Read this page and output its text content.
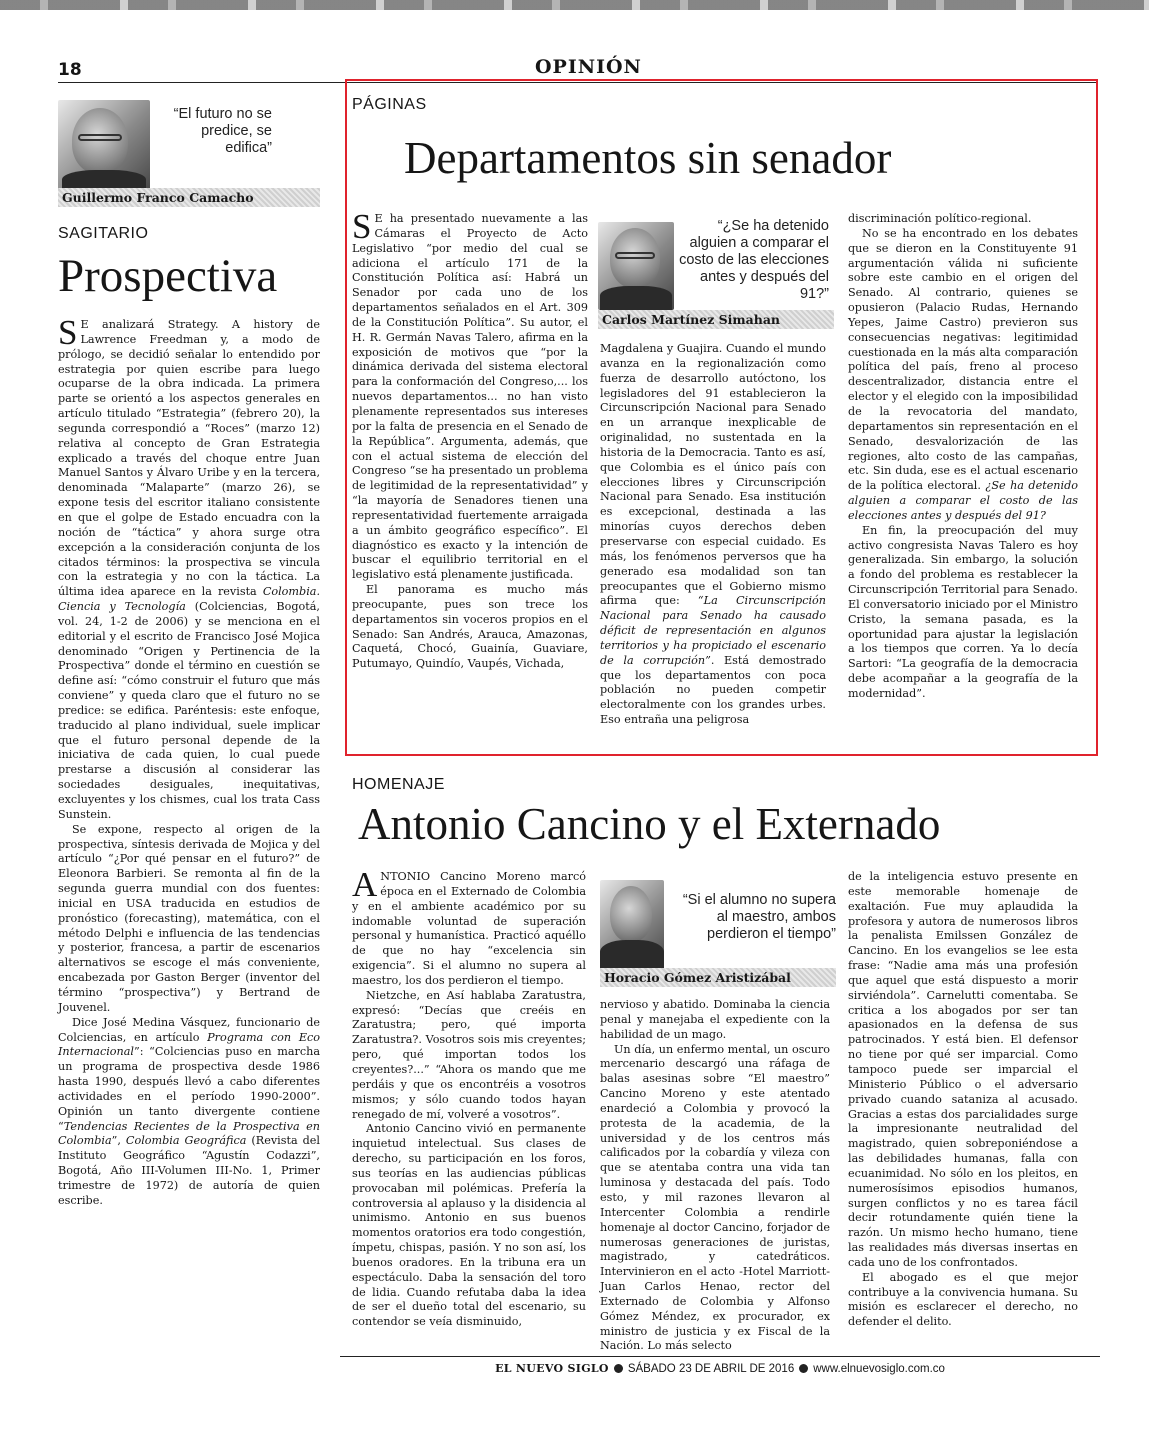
18	OPINIÓN
“El futuro no se predice, se edifica”
Guillermo Franco Camacho
SAGITARIO
Prospectiva

S E analizará Strategy. A history de Lawrence Freedman y, a modo de prólogo, se decidió señalar lo entendido por estrategia por quien escribe para luego ocuparse de la obra indicada. La primera parte se orientó a los aspectos generales en artículo titulado “Estrategia” (febrero 20), la segunda correspondió a “Roces” (marzo 12) relativa al concepto de Gran Estrategia explicado a través del choque entre Juan Manuel Santos y Álvaro Uribe y en la tercera, denominada “Malaparte” (marzo 26), se expone tesis del escritor italiano consistente en que el golpe de Estado encuadra con la noción de “táctica” y ahora surge otra excepción a la consideración conjunta de los citados términos: la prospectiva se vincula con la estrategia y no con la táctica. La última idea aparece en la revista Colombia. Ciencia y Tecnología (Colciencias, Bogotá, vol. 24, 1-2 de 2006) y se menciona en el editorial y el escrito de Francisco José Mojica denominado “Origen y Pertinencia de la Prospectiva” donde el término en cuestión se define así: “cómo construir el futuro que más conviene” y queda claro que el futuro no se predice: se edifica. Paréntesis: este enfoque, traducido al plano individual, suele implicar que el futuro personal depende de la iniciativa de cada quien, lo cual puede prestarse a discusión al considerar las sociedades desiguales, inequitativas, excluyentes y los chismes, cual los trata Cass Sunstein.

Se expone, respecto al origen de la prospectiva, síntesis derivada de Mojica y del artículo “¿Por qué pensar en el futuro?” de Eleonora Barbieri. Se remonta al fin de la segunda guerra mundial con dos fuentes: inicial en USA traducida en estudios de pronóstico (forecasting), matemática, con el método Delphi e influencia de las tendencias y posterior, francesa, a partir de escenarios alternativos se escoge el más conveniente, encabezada por Gaston Berger (inventor del término “prospectiva”) y Bertrand de Jouvenel.

Dice José Medina Vásquez, funcionario de Colciencias, en artículo Programa con Eco Internacional”: “Colciencias puso en marcha un programa de prospectiva desde 1986 hasta 1990, después llevó a cabo diferentes actividades en el período 1990-2000”. Opinión un tanto divergente contiene “Tendencias Recientes de la Prospectiva en Colombia”, Colombia Geográfica (Revista del Instituto Geográfico “Agustín Codazzi”, Bogotá, Año III-Volumen III-No. 1, Primer trimestre de 1972) de autoría de quien escribe.

PÁGINAS
Departamentos sin senador

S E ha presentado nuevamente a las Cámaras el Proyecto de Acto Legislativo “por medio del cual se adiciona el artículo 171 de la Constitución Política así: Habrá un Senador por cada uno de los departamentos señalados en el Art. 309 de la Constitución Política”. Su autor, el H. R. Germán Navas Talero, afirma en la exposición de motivos que “por la dinámica derivada del sistema electoral para la conformación del Congreso,... los nuevos departamentos... no han visto plenamente representados sus intereses por la falta de presencia en el Senado de la República”. Argumenta, además, que con el actual sistema de elección del Congreso “se ha presentado un problema de legitimidad de la representatividad” y “la mayoría de Senadores tienen una representatividad fuertemente arraigada a un ámbito geográfico específico”. El diagnóstico es exacto y la intención de buscar el equilibrio territorial en el legislativo está plenamente justificada.

El panorama es mucho más preocupante, pues son trece los departamentos sin voceros propios en el Senado: San Andrés, Arauca, Amazonas, Caquetá, Chocó, Guainía, Guaviare, Putumayo, Quindío, Vaupés, Vichada,

“¿Se ha detenido alguien a comparar el costo de las elecciones antes y después del 91?”
Carlos Martínez Simahan

Magdalena y Guajira. Cuando el mundo avanza en la regionalización como fuerza de desarrollo autóctono, los legisladores del 91 establecieron la Circunscripción Nacional para Senado en un arranque inexplicable de originalidad, no sustentada en la historia de la Democracia. Tanto es así, que Colombia es el único país con elecciones libres y Circunscripción Nacional para Senado. Esa institución es excepcional, destinada a las minorías cuyos derechos deben preservarse con especial cuidado. Es más, los fenómenos perversos que ha generado esa modalidad son tan preocupantes que el Gobierno mismo afirma que: “La Circunscripción Nacional para Senado ha causado déficit de representación en algunos territorios y ha propiciado el escenario de la corrupción”. Está demostrado que los departamentos con poca población no pueden competir electoralmente con los grandes urbes. Eso entraña una peligrosa

discriminación político-regional.

No se ha encontrado en los debates que se dieron en la Constituyente 91 argumentación válida ni suficiente sobre este cambio en el origen del Senado. Al contrario, quienes se opusieron (Palacio Rudas, Hernando Yepes, Jaime Castro) previeron sus consecuencias negativas: legitimidad cuestionada en la más alta comparación política del país, freno al proceso descentralizador, distancia entre el elector y el elegido con la imposibilidad de la revocatoria del mandato, departamentos sin representación en el Senado, desvalorización de las regiones, alto costo de las campañas, etc. Sin duda, ese es el actual escenario de la política electoral. ¿Se ha detenido alguien a comparar el costo de las elecciones antes y después del 91?

En fin, la preocupación del muy activo congresista Navas Talero es hoy generalizada. Sin embargo, la solución a fondo del problema es restablecer la Circunscripción Territorial para Senado. El conversatorio iniciado por el Ministro Cristo, la semana pasada, es la oportunidad para ajustar la legislación a los tiempos que corren. Ya lo decía Sartori: “La geografía de la democracia debe acompañar a la geografía de la modernidad”.

HOMENAJE
Antonio Cancino y el Externado

ANTONIO Cancino Moreno marcó época en el Externado de Colombia y en el ambiente académico por su indomable voluntad de superación personal y humanística. Practicó aquéllo de que no hay “excelencia sin exigencia”. Si el alumno no supera al maestro, los dos perdieron el tiempo.

Nietzche, en Así hablaba Zaratustra, expresó: “Decías que creéis en Zaratustra; pero, qué importa Zaratustra?. Vosotros sois mis creyentes; pero, qué importan todos los creyentes?...” “Ahora os mando que me perdáis y que os encontréis a vosotros mismos; y sólo cuando todos hayan renegado de mí, volveré a vosotros”.

Antonio Cancino vivió en permanente inquietud intelectual. Sus clases de derecho, su participación en los foros, sus teorías en las audiencias públicas provocaban mil polémicas. Prefería la controversia al aplauso y la disidencia al unimismo. Antonio en sus buenos momentos oratorios era todo congestión, ímpetu, chispas, pasión. Y no son así, los buenos oradores. En la tribuna era un espectáculo. Daba la sensación del toro de lidia. Cuando refutaba daba la idea de ser el dueño total del escenario, su contendor se veía disminuido,

“Si el alumno no supera al maestro, ambos perdieron el tiempo”
Horacio Gómez Aristizábal

nervioso y abatido. Dominaba la ciencia penal y manejaba el expediente con la habilidad de un mago.

Un día, un enfermo mental, un oscuro mercenario descargó una ráfaga de balas asesinas sobre “El maestro” Cancino Moreno y este atentado enardeció a Colombia y provocó la protesta de la academia, de la universidad y de los centros más calificados por la cobardía y vileza con que se atentaba contra una vida tan luminosa y destacada del país. Todo esto, y mil razones llevaron al Intercenter Colombia a rendirle homenaje al doctor Cancino, forjador de numerosas generaciones de juristas, magistrado, y catedráticos. Intervinieron en el acto -Hotel Marriott- Juan Carlos Henao, rector del Externado de Colombia y Alfonso Gómez Méndez, ex procurador, ex ministro de justicia y ex Fiscal de la Nación. Lo más selecto

de la inteligencia estuvo presente en este memorable homenaje de exaltación. Fue muy aplaudida la profesora y autora de numerosos libros la penalista Emilssen González de Cancino. En los evangelios se lee esta frase: “Nadie ama más una profesión que aquel que está dispuesto a morir sirviéndola”. Carnelutti comentaba. Se critica a los abogados por ser tan apasionados en la defensa de sus patrocinados. Y está bien. El defensor no tiene por qué ser imparcial. Como tampoco puede ser imparcial el Ministerio Público o el adversario privado cuando sataniza al acusado. Gracias a estas dos parcialidades surge la impresionante neutralidad del magistrado, quien sobreponiéndose a las debilidades humanas, falla con ecuanimidad. No sólo en los pleitos, en numerosísimos episodios humanos, surgen conflictos y no es tarea fácil decir rotundamente quién tiene la razón. Un mismo hecho humano, tiene las realidades más diversas insertas en cada uno de los confrontados.

El abogado es el que mejor contribuye a la convivencia humana. Su misión es esclarecer el derecho, no defender el delito.

EL NUEVO SIGLO SÁBADO 23 DE ABRIL DE 2016 www.elnuevosiglo.com.co
